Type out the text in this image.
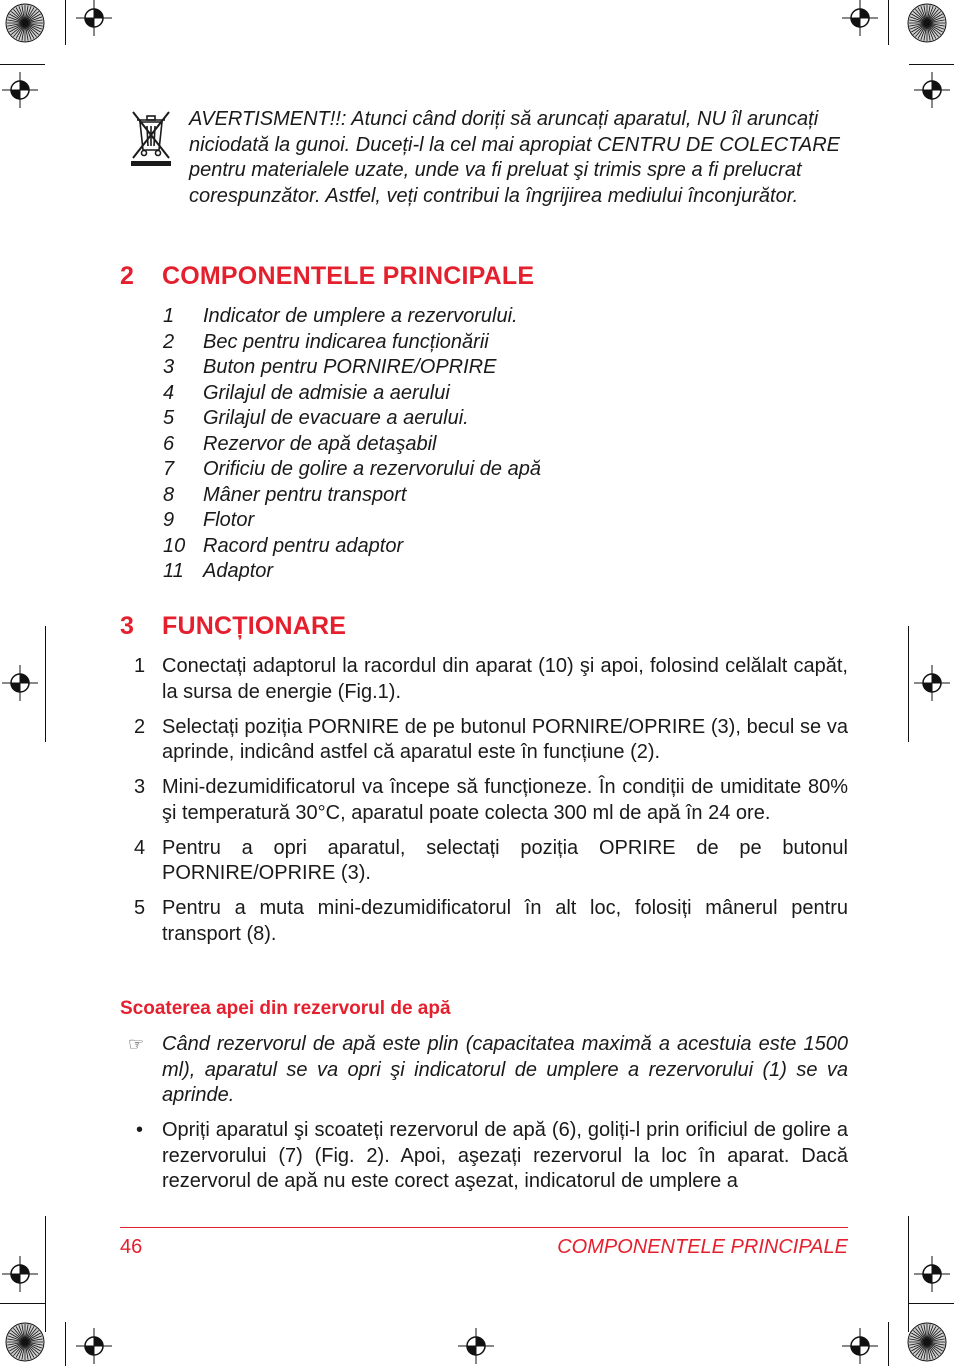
AVERTISMENT!!: Atunci când doriți să aruncați aparatul, NU îl aruncați niciodată la gunoi. Duceți-l la cel mai apropiat CENTRU DE COLECTARE pentru materialele uzate, unde va fi preluat şi trimis spre a fi prelucrat corespunzător. Astfel, veți contribui la îngrijirea mediului înconjurător.
2 COMPONENTELE PRINCIPALE
1 Indicator de umplere a rezervorului.
2 Bec pentru indicarea funcționării
3 Buton pentru PORNIRE/OPRIRE
4 Grilajul de admisie a aerului
5 Grilajul de evacuare a aerului.
6 Rezervor de apă detaşabil
7 Orificiu de golire a rezervorului de apă
8 Mâner pentru transport
9 Flotor
10 Racord pentru adaptor
11 Adaptor
3 FUNCȚIONARE
1 Conectați adaptorul la racordul din aparat (10) şi apoi, folosind celălalt capăt, la sursa de energie (Fig.1).
2 Selectați poziția PORNIRE de pe butonul PORNIRE/OPRIRE (3), becul se va aprinde, indicând astfel că aparatul este în funcțiune (2).
3 Mini-dezumidificatorul va începe să funcționeze. În condiții de umiditate 80% şi temperatură 30°C, aparatul poate colecta 300 ml de apă în 24 ore.
4 Pentru a opri aparatul, selectați poziția OPRIRE de pe butonul PORNIRE/OPRIRE (3).
5 Pentru a muta mini-dezumidificatorul în alt loc, folosiți mânerul pentru transport (8).
Scoaterea apei din rezervorul de apă
☞ Când rezervorul de apă este plin (capacitatea maximă a acestuia este 1500 ml), aparatul se va opri şi indicatorul de umplere a rezervorului (1) se va aprinde.
• Opriți aparatul şi scoateți rezervorul de apă (6), goliți-l prin orificiul de golire a rezervorului (7) (Fig. 2). Apoi, aşezați rezervorul la loc în aparat. Dacă rezervorul de apă nu este corect aşezat, indicatorul de umplere a
46	COMPONENTELE PRINCIPALE
